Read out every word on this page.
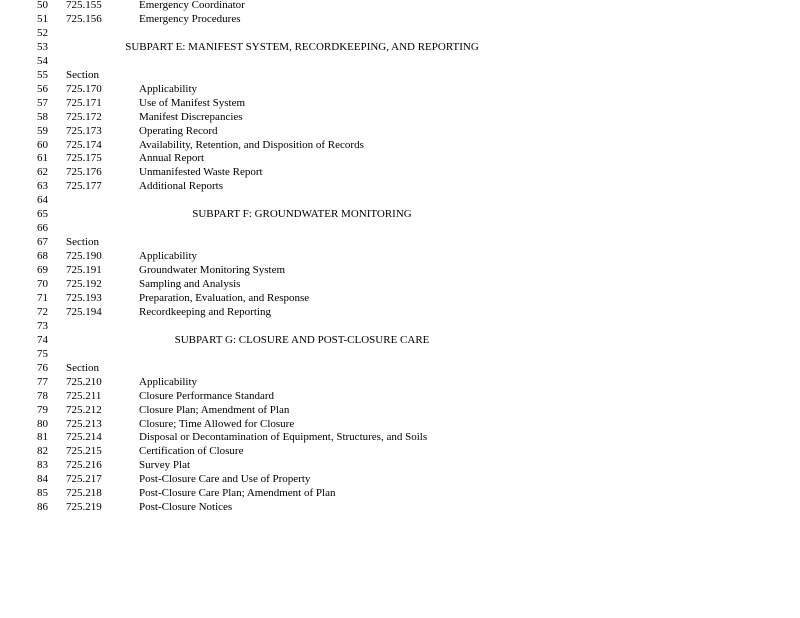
50 725.155	Emergency Coordinator
51 725.156	Emergency Procedures
52
53	SUBPART E: MANIFEST SYSTEM, RECORDKEEPING, AND REPORTING
54
55 Section
56 725.170	Applicability
57 725.171	Use of Manifest System
58 725.172	Manifest Discrepancies
59 725.173	Operating Record
60 725.174	Availability, Retention, and Disposition of Records
61 725.175	Annual Report
62 725.176	Unmanifested Waste Report
63 725.177	Additional Reports
64
65	SUBPART F: GROUNDWATER MONITORING
66
67 Section
68 725.190	Applicability
69 725.191	Groundwater Monitoring System
70 725.192	Sampling and Analysis
71 725.193	Preparation, Evaluation, and Response
72 725.194	Recordkeeping and Reporting
73
74	SUBPART G: CLOSURE AND POST-CLOSURE CARE
75
76 Section
77 725.210	Applicability
78 725.211	Closure Performance Standard
79 725.212	Closure Plan; Amendment of Plan
80 725.213	Closure; Time Allowed for Closure
81 725.214	Disposal or Decontamination of Equipment, Structures, and Soils
82 725.215	Certification of Closure
83 725.216	Survey Plat
84 725.217	Post-Closure Care and Use of Property
85 725.218	Post-Closure Care Plan; Amendment of Plan
86 725.219	Post-Closure Notices
